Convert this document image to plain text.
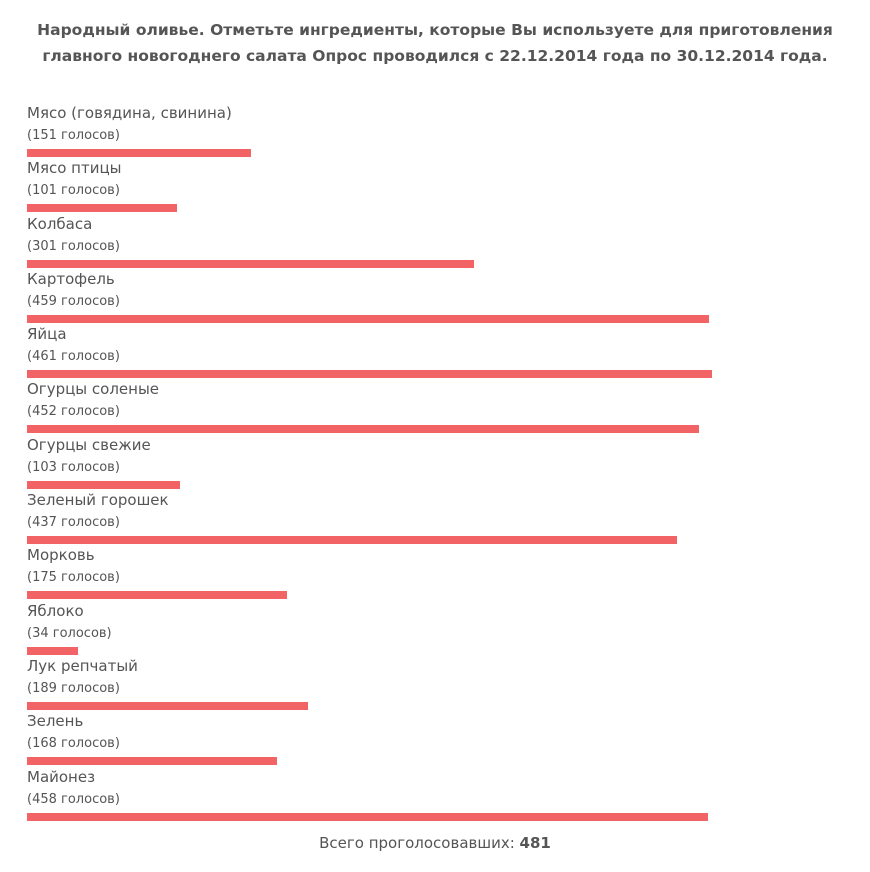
Народный оливье. Отметьте ингредиенты, которые Вы используете для приготовления
главного новогоднего салата Опрос проводился с 22.12.2014 года по 30.12.2014 года.
Мясо (говядина, свинина)
(151 голосов)
Мясо птицы
(101 голосов)
Колбаса
(301 голосов)
Картофель
(459 голосов)
Яйца
(461 голосов)
Огурцы соленые
(452 голосов)
Огурцы свежие
(103 голосов)
Зеленый горошек
(437 голосов)
Морковь
(175 голосов)
Яблоко
(34 голосов)
Лук репчатый
(189 голосов)
Зелень
(168 голосов)
Майонез
(458 голосов)
Всего проголосовавших: 481
